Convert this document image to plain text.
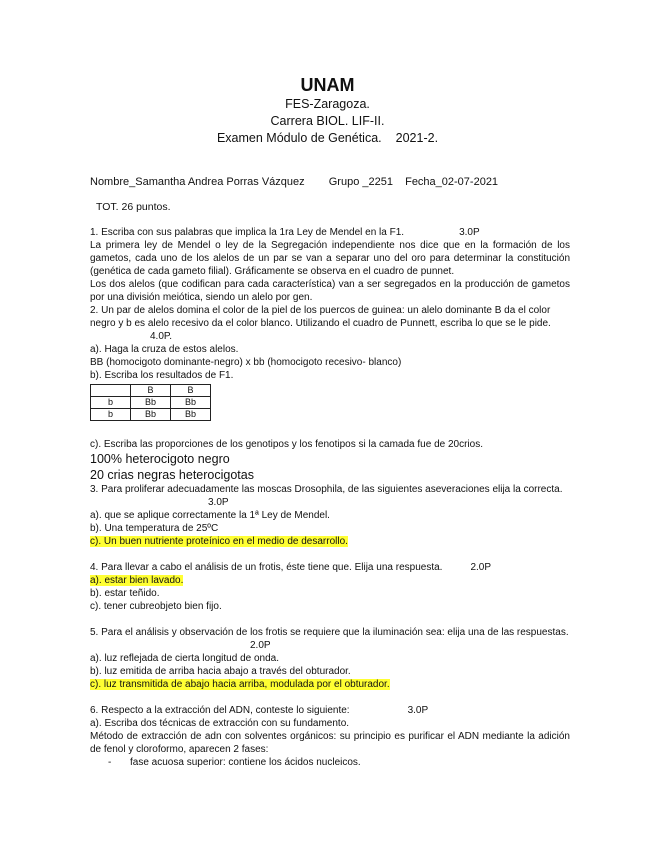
UNAM

FES-Zaragoza.

Carrera BIOL. LIF-II.

Examen Módulo de Genética. 2021-2.

Nombre_Samantha Andrea Porras Vázquez Grupo _2251 Fecha_02-07-2021
TOT. 26 puntos.
1. Escriba con sus palabras que implica la 1ra Ley de Mendel en la F1.	3.0P
La primera ley de Mendel o ley de la Segregación independiente nos dice que en la formación de los gametos, cada uno de los alelos de un par se van a separar uno del oro para determinar la constitución (genética de cada gameto filial). Gráficamente se observa en el cuadro de punnet.
Los dos alelos (que codifican para cada característica) van a ser segregados en la producción de gametos por una división meiótica, siendo un alelo por gen.
2. Un par de alelos domina el color de la piel de los puercos de guinea: un alelo dominante B da el color negro y b es alelo recesivo da el color blanco. Utilizando el cuadro de Punnett, escriba lo que se le pide.4.0P.
a). Haga la cruza de estos alelos.
BB (homocigoto dominante-negro) x bb (homocigoto recesivo- blanco)
b). Escriba los resultados de F1.
	B	B
b	Bb	Bb
b	Bb	Bb
c). Escriba las proporciones de los genotipos y los fenotipos si la camada fue de 20crios.
100% heterocigoto negro
20 crias negras heterocigotas
3. Para proliferar adecuadamente las moscas Drosophila, de las siguientes aseveraciones elija la correcta.3.0P
a). que se aplique correctamente la 1ª Ley de Mendel.
b). Una temperatura de 25ºC
c). Un buen nutriente proteínico en el medio de desarrollo.
4. Para llevar a cabo el análisis de un frotis, éste tiene que. Elija una respuesta.	2.0P
a). estar bien lavado.
b). estar teñido.
c). tener cubreobjeto bien fijo.
5. Para el análisis y observación de los frotis se requiere que la iluminación sea: elija una de las respuestas.2.0P
a). luz reflejada de cierta longitud de onda.
b). luz emitida de arriba hacia abajo a través del obturador.
c). luz transmitida de abajo hacia arriba, modulada por el obturador.
6. Respecto a la extracción del ADN, conteste lo siguiente:	3.0P
a). Escriba dos técnicas de extracción con su fundamento.
Método de extracción de adn con solventes orgánicos: su principio es purificar el ADN mediante la adición de fenol y cloroformo, aparecen 2 fases:
- fase acuosa superior: contiene los ácidos nucleicos.
